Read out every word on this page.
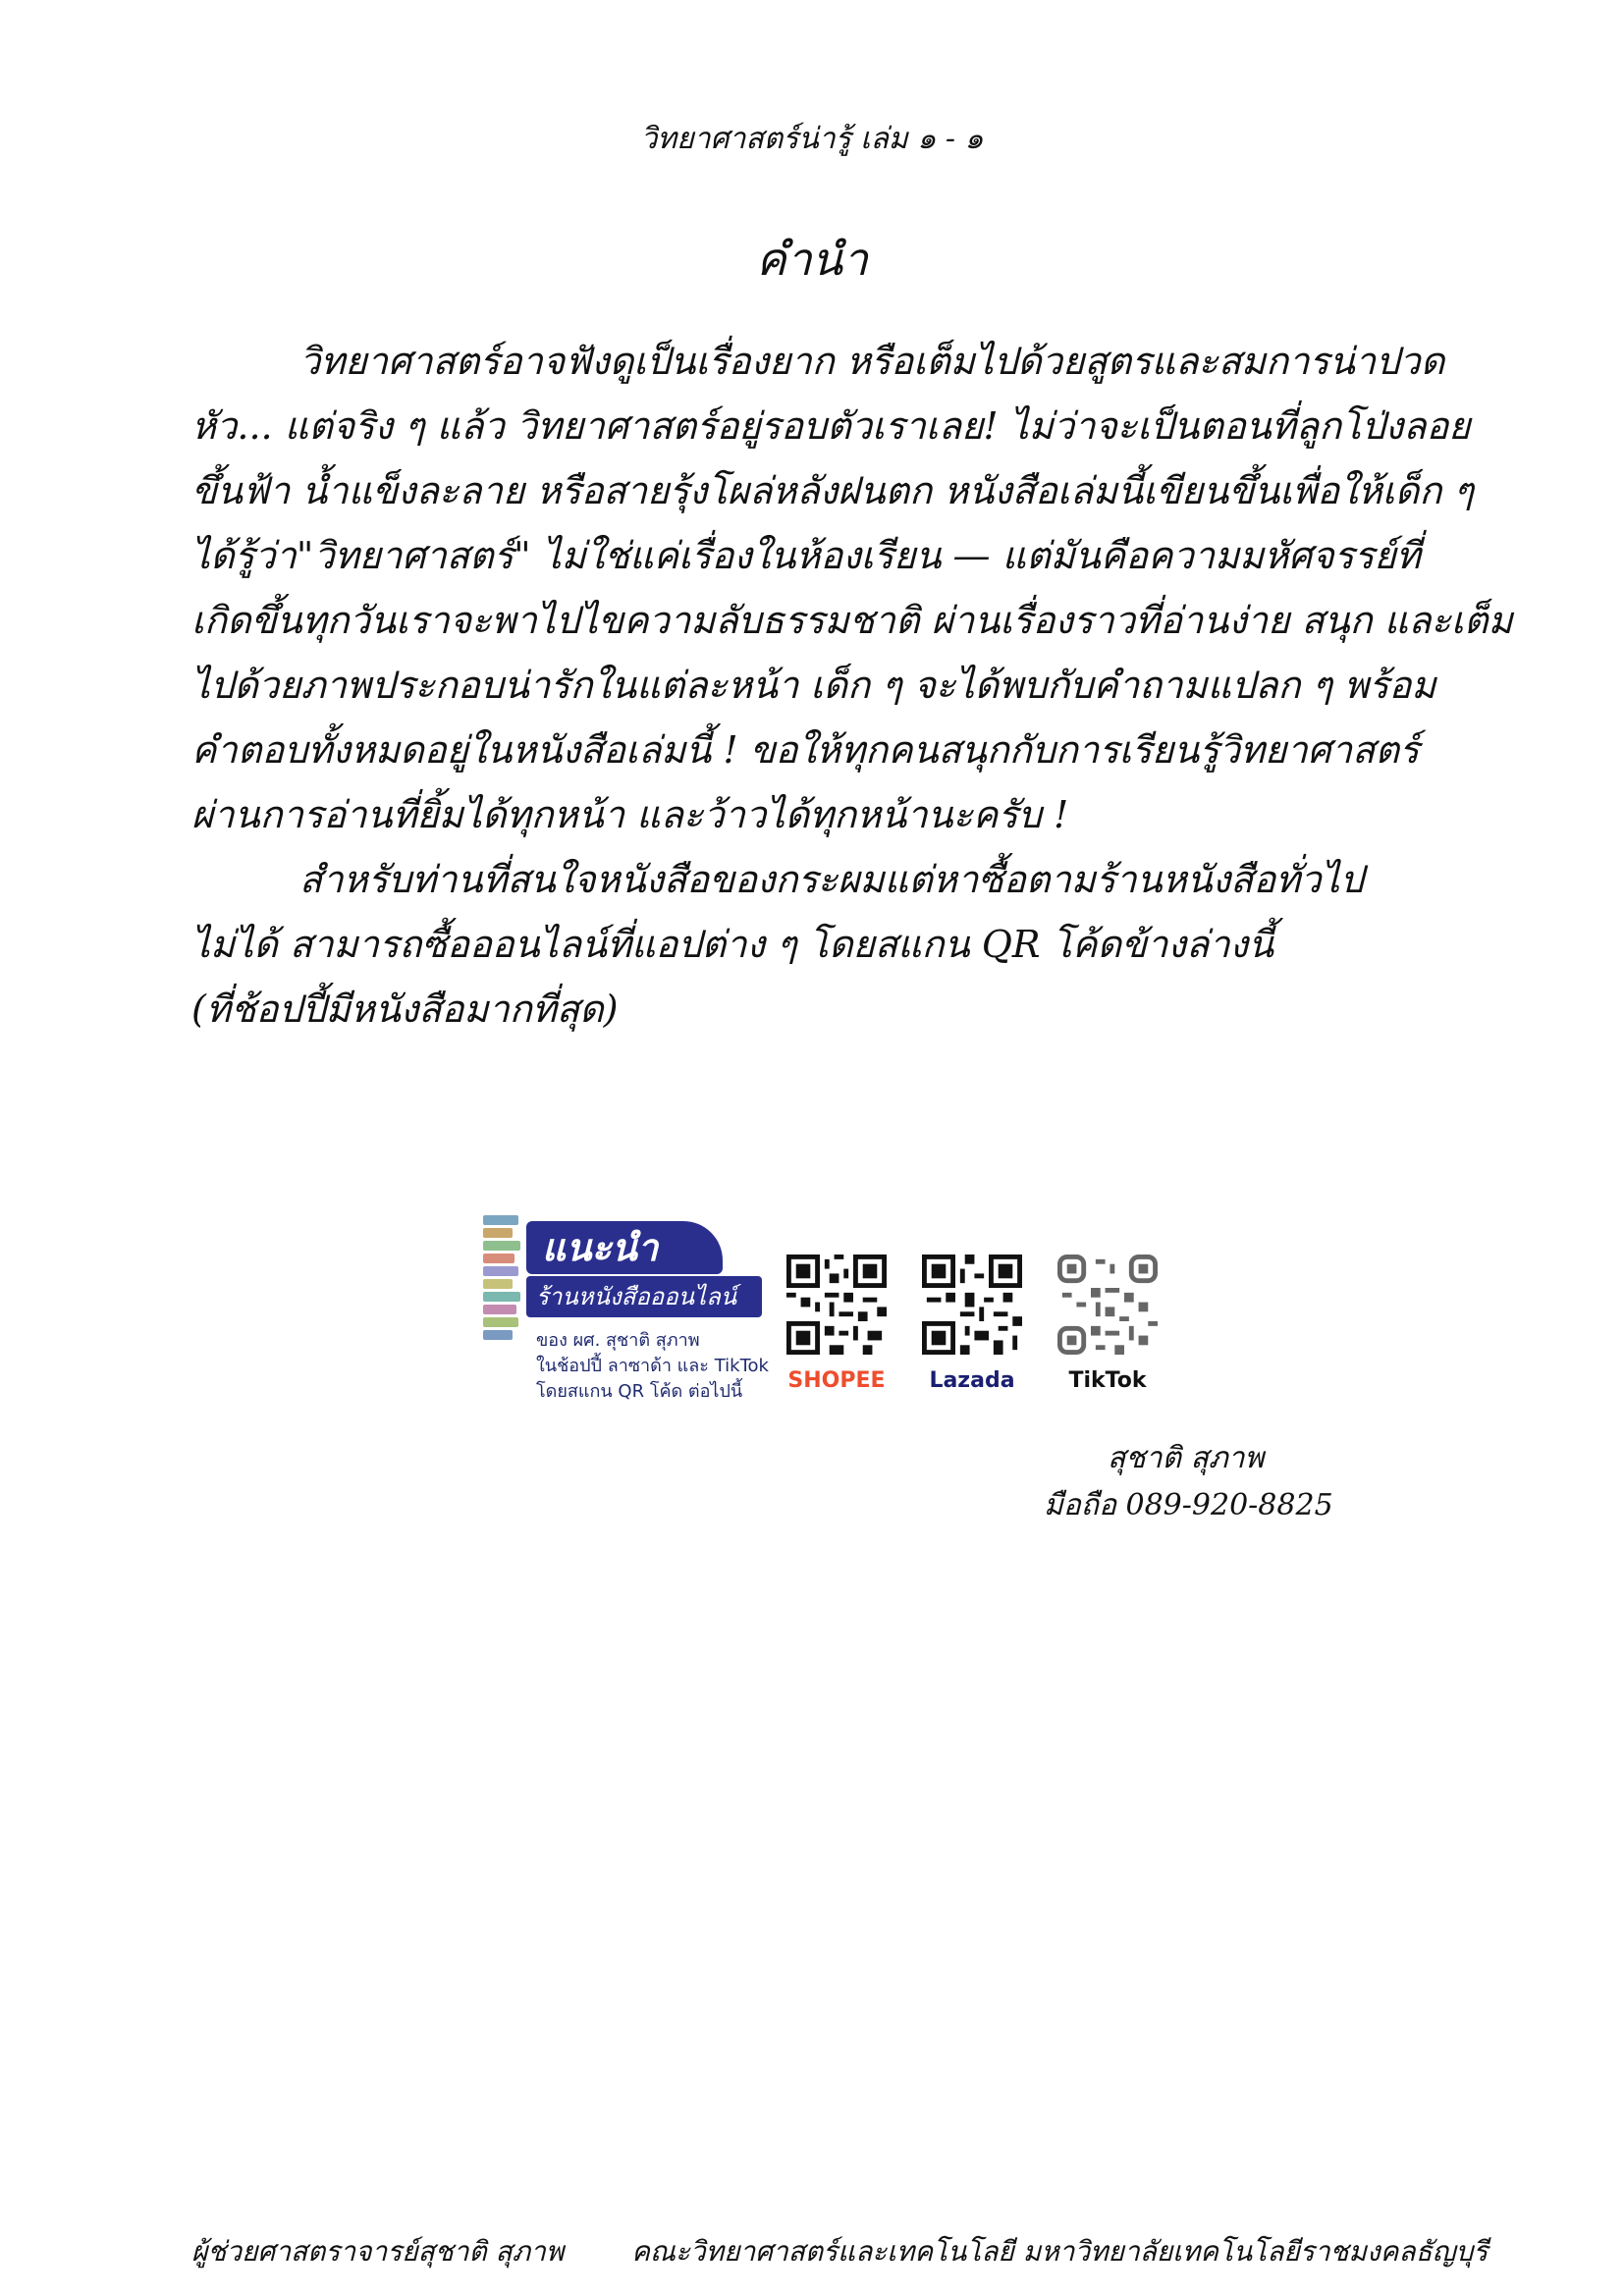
วิทยาศาสตร์น่ารู้ เล่ม ๑ - ๑
คำนำ
วิทยาศาสตร์อาจฟังดูเป็นเรื่องยาก หรือเต็มไปด้วยสูตรและสมการน่าปวด
หัว... แต่จริง ๆ แล้ว วิทยาศาสตร์อยู่รอบตัวเราเลย! ไม่ว่าจะเป็นตอนที่ลูกโป่งลอย
ขึ้นฟ้า น้ำแข็งละลาย หรือสายรุ้งโผล่หลังฝนตก หนังสือเล่มนี้เขียนขึ้นเพื่อให้เด็ก ๆ
ได้รู้ว่า"วิทยาศาสตร์" ไม่ใช่แค่เรื่องในห้องเรียน — แต่มันคือความมหัศจรรย์ที่
เกิดขึ้นทุกวันเราจะพาไปไขความลับธรรมชาติ ผ่านเรื่องราวที่อ่านง่าย สนุก และเต็ม
ไปด้วยภาพประกอบน่ารักในแต่ละหน้า เด็ก ๆ จะได้พบกับคำถามแปลก ๆ พร้อม
คำตอบทั้งหมดอยู่ในหนังสือเล่มนี้ ! ขอให้ทุกคนสนุกกับการเรียนรู้วิทยาศาสตร์
ผ่านการอ่านที่ยิ้มได้ทุกหน้า และว้าวได้ทุกหน้านะครับ !
สำหรับท่านที่สนใจหนังสือของกระผมแต่หาซื้อตามร้านหนังสือทั่วไป
ไม่ได้ สามารถซื้อออนไลน์ที่แอปต่าง ๆ โดยสแกน QR โค้ดข้างล่างนี้
(ที่ช้อปปี้มีหนังสือมากที่สุด)
แนะนำ
ร้านหนังสือออนไลน์
ของ ผศ. สุชาติ สุภาพ
ในช้อปปี้ ลาซาด้า และ TikTok
โดยสแกน QR โค้ด ต่อไปนี้	SHOPEE	Lazada	TikTok
สุชาติ สุภาพ
มือถือ 089-920-8825
ผู้ช่วยศาสตราจารย์สุชาติ สุภาพ คณะวิทยาศาสตร์และเทคโนโลยี มหาวิทยาลัยเทคโนโลยีราชมงคลธัญบุรี
